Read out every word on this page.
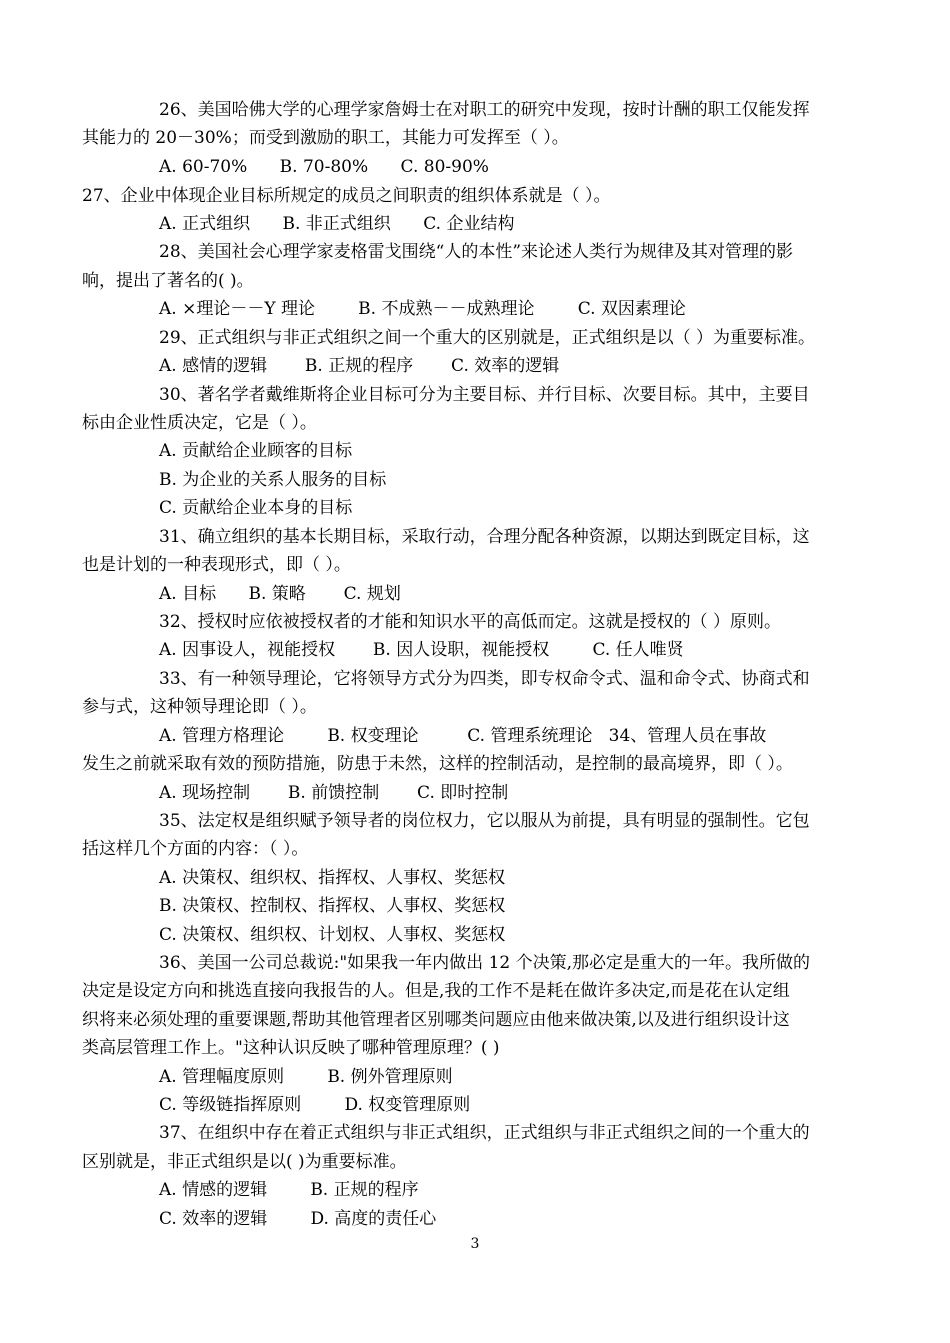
26、美国哈佛大学的心理学家詹姆士在对职工的研究中发现，按时计酬的职工仅能发挥
其能力的 20－30%；而受到激励的职工，其能力可发挥至（ ）。
A. 60-70%      B. 70-80%      C. 80-90%
27、企业中体现企业目标所规定的成员之间职责的组织体系就是（ ）。
A. 正式组织      B. 非正式组织      C. 企业结构
28、美国社会心理学家麦格雷戈围绕“人的本性”来论述人类行为规律及其对管理的影
响，提出了著名的( )。
A. ×理论－－Y 理论        B. 不成熟－－成熟理论        C. 双因素理论
29、正式组织与非正式组织之间一个重大的区别就是，正式组织是以（ ）为重要标准。
A. 感情的逻辑       B. 正规的程序       C. 效率的逻辑
30、著名学者戴维斯将企业目标可分为主要目标、并行目标、次要目标。其中，主要目
标由企业性质决定，它是（ ）。
A. 贡献给企业顾客的目标
B. 为企业的关系人服务的目标
C. 贡献给企业本身的目标
31、确立组织的基本长期目标，采取行动，合理分配各种资源，以期达到既定目标，这
也是计划的一种表现形式，即（ ）。
A. 目标      B. 策略       C. 规划
32、授权时应依被授权者的才能和知识水平的高低而定。这就是授权的（ ）原则。
A. 因事设人，视能授权       B. 因人设职，视能授权        C. 任人唯贤
33、有一种领导理论，它将领导方式分为四类，即专权命令式、温和命令式、协商式和
参与式，这种领导理论即（ ）。
A. 管理方格理论        B. 权变理论         C. 管理系统理论   34、管理人员在事故
发生之前就采取有效的预防措施，防患于未然，这样的控制活动，是控制的最高境界，即（ ）。
A. 现场控制       B. 前馈控制       C. 即时控制
35、法定权是组织赋予领导者的岗位权力，它以服从为前提，具有明显的强制性。它包
括这样几个方面的内容：（ ）。
A. 决策权、组织权、指挥权、人事权、奖惩权
B. 决策权、控制权、指挥权、人事权、奖惩权
C. 决策权、组织权、计划权、人事权、奖惩权
36、美国一公司总裁说:"如果我一年内做出 12 个决策,那必定是重大的一年。我所做的
决定是设定方向和挑选直接向我报告的人。但是,我的工作不是耗在做许多决定,而是花在认定组
织将来必须处理的重要课题,帮助其他管理者区别哪类问题应由他来做决策,以及进行组织设计这
类高层管理工作上。"这种认识反映了哪种管理原理？( )
A. 管理幅度原则        B. 例外管理原则
C. 等级链指挥原则        D. 权变管理原则
37、在组织中存在着正式组织与非正式组织，正式组织与非正式组织之间的一个重大的
区别就是，非正式组织是以( )为重要标准。
A. 情感的逻辑        B. 正规的程序
C. 效率的逻辑        D. 高度的责任心
3
